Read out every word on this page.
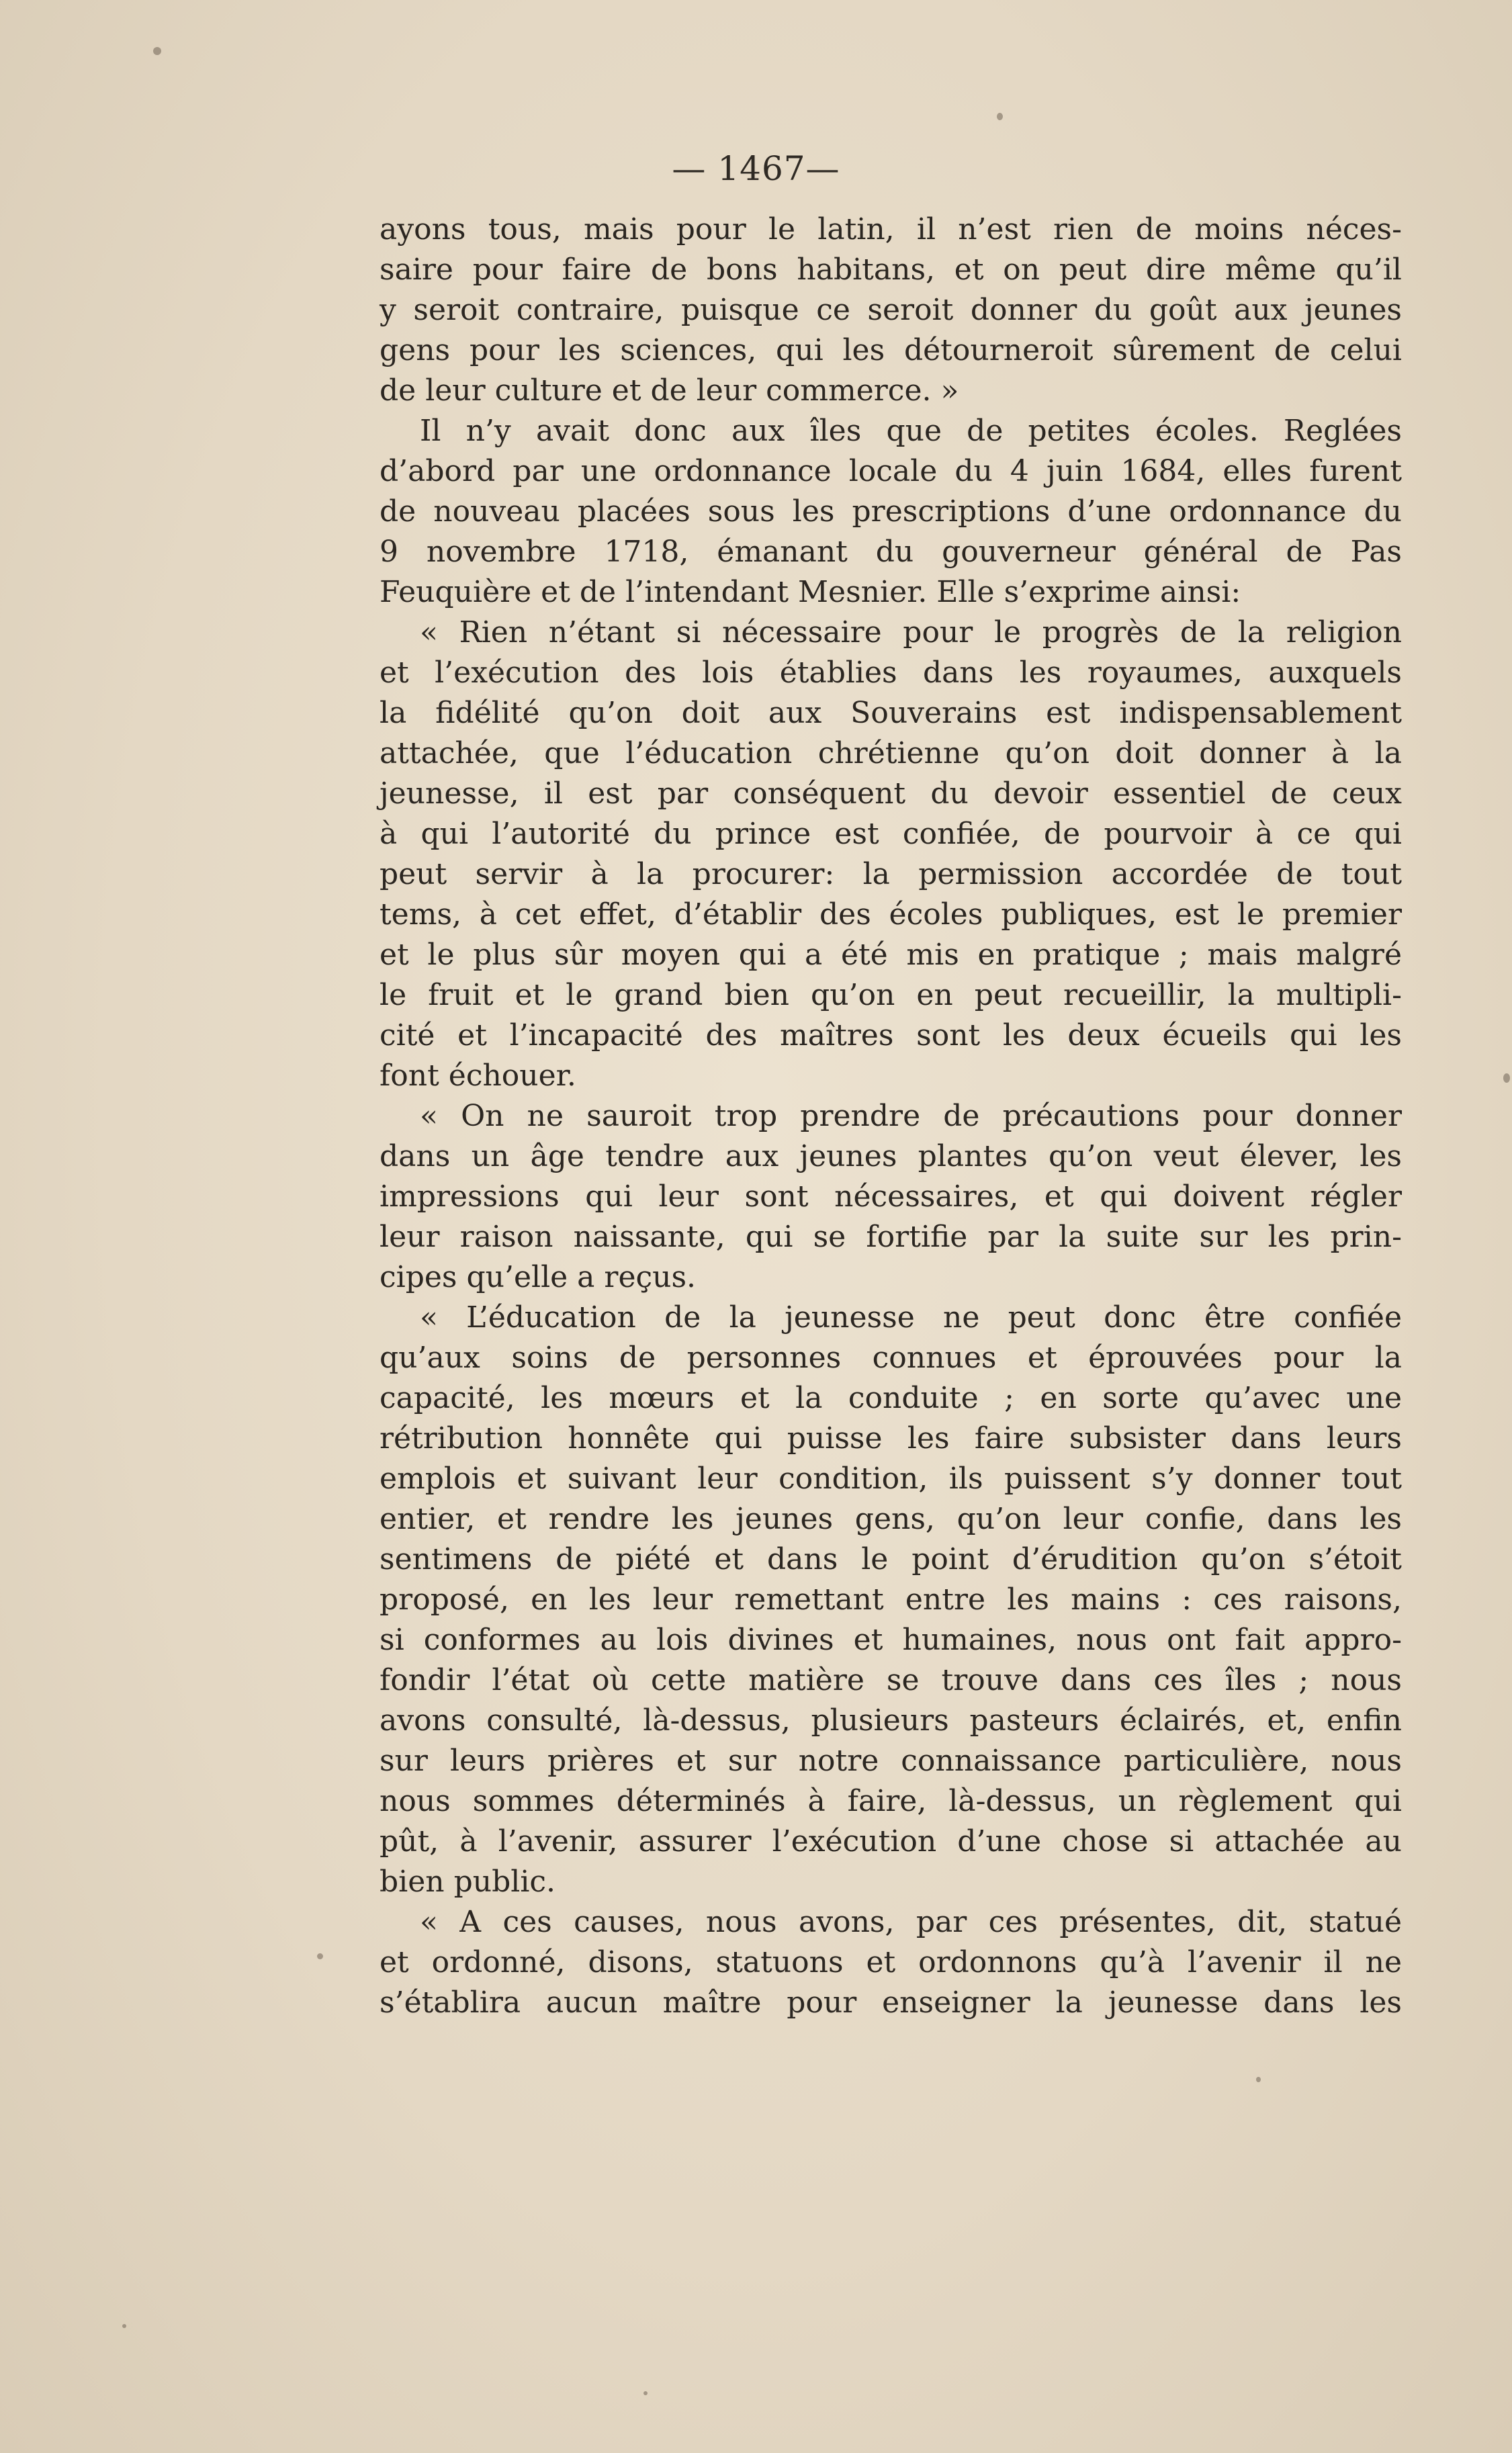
— 1467—
ayons tous, mais pour le latin, il n’est rien de moins néces-
saire pour faire de bons habitans, et on peut dire même qu’il
y seroit contraire, puisque ce seroit donner du goût aux jeunes
gens pour les sciences, qui les détourneroit sûrement de celui
de leur culture et de leur commerce. »
Il n’y avait donc aux îles que de petites écoles. Reglées
d’abord par une ordonnance locale du 4 juin 1684, elles furent
de nouveau placées sous les prescriptions d’une ordonnance du
9 novembre 1718, émanant du gouverneur général de Pas
Feuquière et de l’intendant Mesnier. Elle s’exprime ainsi:
« Rien n’étant si nécessaire pour le progrès de la religion
et l’exécution des lois établies dans les royaumes, auxquels
la fidélité qu’on doit aux Souverains est indispensablement
attachée, que l’éducation chrétienne qu’on doit donner à la
jeunesse, il est par conséquent du devoir essentiel de ceux
à qui l’autorité du prince est confiée, de pourvoir à ce qui
peut servir à la procurer: la permission accordée de tout
tems, à cet effet, d’établir des écoles publiques, est le premier
et le plus sûr moyen qui a été mis en pratique ; mais malgré
le fruit et le grand bien qu’on en peut recueillir, la multipli-
cité et l’incapacité des maîtres sont les deux écueils qui les
font échouer.
« On ne sauroit trop prendre de précautions pour donner
dans un âge tendre aux jeunes plantes qu’on veut élever, les
impressions qui leur sont nécessaires, et qui doivent régler
leur raison naissante, qui se fortifie par la suite sur les prin-
cipes qu’elle a reçus.
« L’éducation de la jeunesse ne peut donc être confiée
qu’aux soins de personnes connues et éprouvées pour la
capacité, les mœurs et la conduite ; en sorte qu’avec une
rétribution honnête qui puisse les faire subsister dans leurs
emplois et suivant leur condition, ils puissent s’y donner tout
entier, et rendre les jeunes gens, qu’on leur confie, dans les
sentimens de piété et dans le point d’érudition qu’on s’étoit
proposé, en les leur remettant entre les mains : ces raisons,
si conformes au lois divines et humaines, nous ont fait appro-
fondir l’état où cette matière se trouve dans ces îles ; nous
avons consulté, là-dessus, plusieurs pasteurs éclairés, et, enfin
sur leurs prières et sur notre connaissance particulière, nous
nous sommes déterminés à faire, là-dessus, un règlement qui
pût, à l’avenir, assurer l’exécution d’une chose si attachée au
bien public.
« A ces causes, nous avons, par ces présentes, dit, statué
et ordonné, disons, statuons et ordonnons qu’à l’avenir il ne
s’établira aucun maître pour enseigner la jeunesse dans les
